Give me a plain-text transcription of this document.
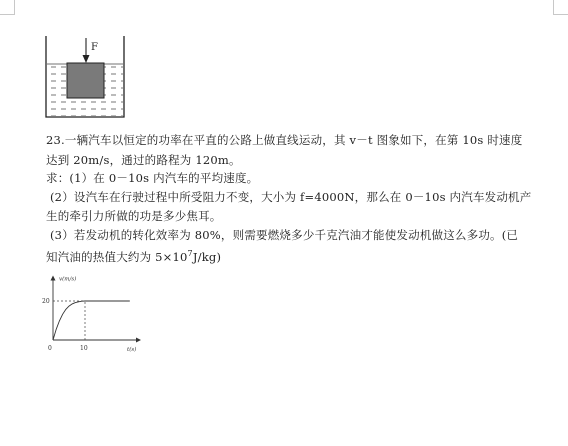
F
23.一辆汽车以恒定的功率在平直的公路上做直线运动，其 v－t 图象如下，在第 10s 时速度
达到 20m/s，通过的路程为 120m。
求：(1）在 0－10s 内汽车的平均速度。
(2）设汽车在行驶过程中所受阻力不变，大小为 f=4000N，那么在 0－10s 内汽车发动机产
生的牵引力所做的功是多少焦耳。
(3）若发动机的转化效率为 80%，则需要燃烧多少千克汽油才能使发动机做这么多功。(已
知汽油的热值大约为 $5\times 10^7J/kg$)
v(m/s)
t(s)
0	10
20
